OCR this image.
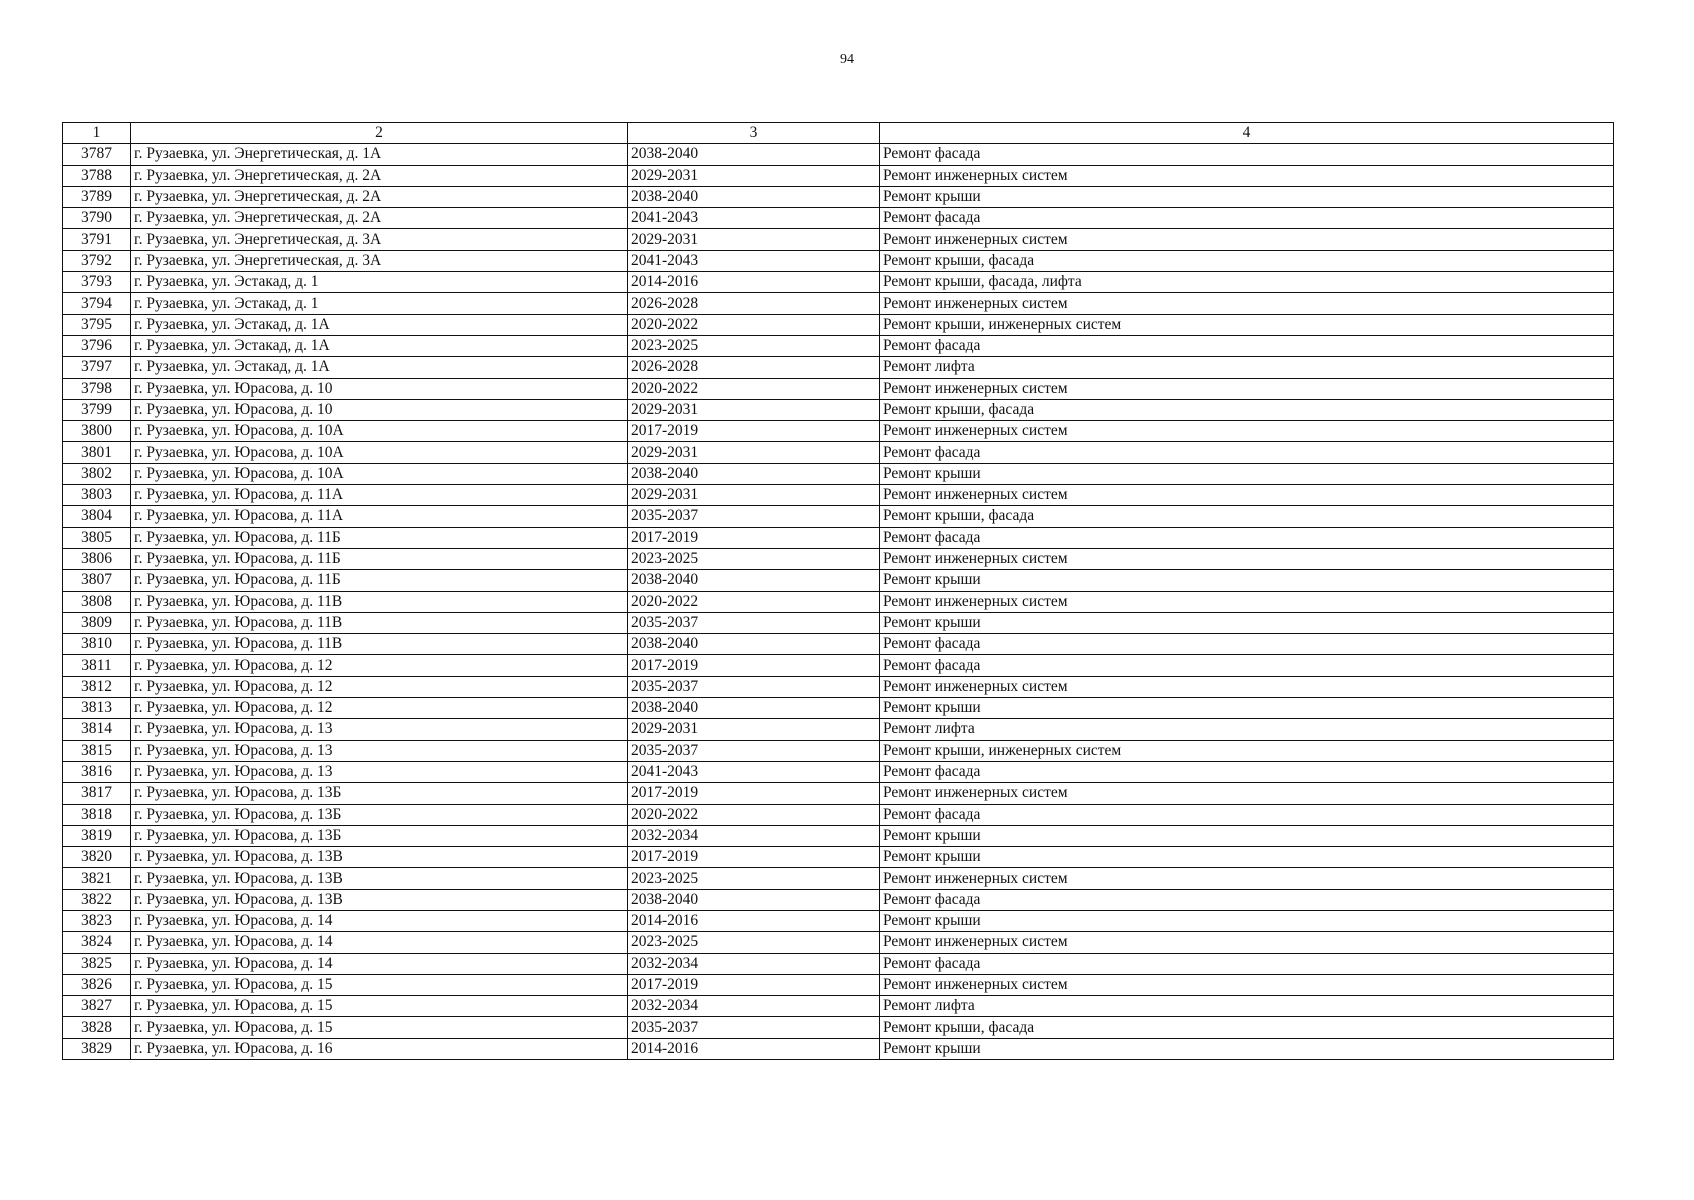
94
1	2	3	4
3787	г. Рузаевка, ул. Энергетическая, д. 1А	2038-2040	Ремонт фасада
3788	г. Рузаевка, ул. Энергетическая, д. 2А	2029-2031	Ремонт инженерных систем
3789	г. Рузаевка, ул. Энергетическая, д. 2А	2038-2040	Ремонт крыши
3790	г. Рузаевка, ул. Энергетическая, д. 2А	2041-2043	Ремонт фасада
3791	г. Рузаевка, ул. Энергетическая, д. 3А	2029-2031	Ремонт инженерных систем
3792	г. Рузаевка, ул. Энергетическая, д. 3А	2041-2043	Ремонт крыши, фасада
3793	г. Рузаевка, ул. Эстакад, д. 1	2014-2016	Ремонт крыши, фасада, лифта
3794	г. Рузаевка, ул. Эстакад, д. 1	2026-2028	Ремонт инженерных систем
3795	г. Рузаевка, ул. Эстакад, д. 1А	2020-2022	Ремонт крыши, инженерных систем
3796	г. Рузаевка, ул. Эстакад, д. 1А	2023-2025	Ремонт фасада
3797	г. Рузаевка, ул. Эстакад, д. 1А	2026-2028	Ремонт лифта
3798	г. Рузаевка, ул. Юрасова, д. 10	2020-2022	Ремонт инженерных систем
3799	г. Рузаевка, ул. Юрасова, д. 10	2029-2031	Ремонт крыши, фасада
3800	г. Рузаевка, ул. Юрасова, д. 10А	2017-2019	Ремонт инженерных систем
3801	г. Рузаевка, ул. Юрасова, д. 10А	2029-2031	Ремонт фасада
3802	г. Рузаевка, ул. Юрасова, д. 10А	2038-2040	Ремонт крыши
3803	г. Рузаевка, ул. Юрасова, д. 11А	2029-2031	Ремонт инженерных систем
3804	г. Рузаевка, ул. Юрасова, д. 11А	2035-2037	Ремонт крыши, фасада
3805	г. Рузаевка, ул. Юрасова, д. 11Б	2017-2019	Ремонт фасада
3806	г. Рузаевка, ул. Юрасова, д. 11Б	2023-2025	Ремонт инженерных систем
3807	г. Рузаевка, ул. Юрасова, д. 11Б	2038-2040	Ремонт крыши
3808	г. Рузаевка, ул. Юрасова, д. 11В	2020-2022	Ремонт инженерных систем
3809	г. Рузаевка, ул. Юрасова, д. 11В	2035-2037	Ремонт крыши
3810	г. Рузаевка, ул. Юрасова, д. 11В	2038-2040	Ремонт фасада
3811	г. Рузаевка, ул. Юрасова, д. 12	2017-2019	Ремонт фасада
3812	г. Рузаевка, ул. Юрасова, д. 12	2035-2037	Ремонт инженерных систем
3813	г. Рузаевка, ул. Юрасова, д. 12	2038-2040	Ремонт крыши
3814	г. Рузаевка, ул. Юрасова, д. 13	2029-2031	Ремонт лифта
3815	г. Рузаевка, ул. Юрасова, д. 13	2035-2037	Ремонт крыши, инженерных систем
3816	г. Рузаевка, ул. Юрасова, д. 13	2041-2043	Ремонт фасада
3817	г. Рузаевка, ул. Юрасова, д. 13Б	2017-2019	Ремонт инженерных систем
3818	г. Рузаевка, ул. Юрасова, д. 13Б	2020-2022	Ремонт фасада
3819	г. Рузаевка, ул. Юрасова, д. 13Б	2032-2034	Ремонт крыши
3820	г. Рузаевка, ул. Юрасова, д. 13В	2017-2019	Ремонт крыши
3821	г. Рузаевка, ул. Юрасова, д. 13В	2023-2025	Ремонт инженерных систем
3822	г. Рузаевка, ул. Юрасова, д. 13В	2038-2040	Ремонт фасада
3823	г. Рузаевка, ул. Юрасова, д. 14	2014-2016	Ремонт крыши
3824	г. Рузаевка, ул. Юрасова, д. 14	2023-2025	Ремонт инженерных систем
3825	г. Рузаевка, ул. Юрасова, д. 14	2032-2034	Ремонт фасада
3826	г. Рузаевка, ул. Юрасова, д. 15	2017-2019	Ремонт инженерных систем
3827	г. Рузаевка, ул. Юрасова, д. 15	2032-2034	Ремонт лифта
3828	г. Рузаевка, ул. Юрасова, д. 15	2035-2037	Ремонт крыши, фасада
3829	г. Рузаевка, ул. Юрасова, д. 16	2014-2016	Ремонт крыши
